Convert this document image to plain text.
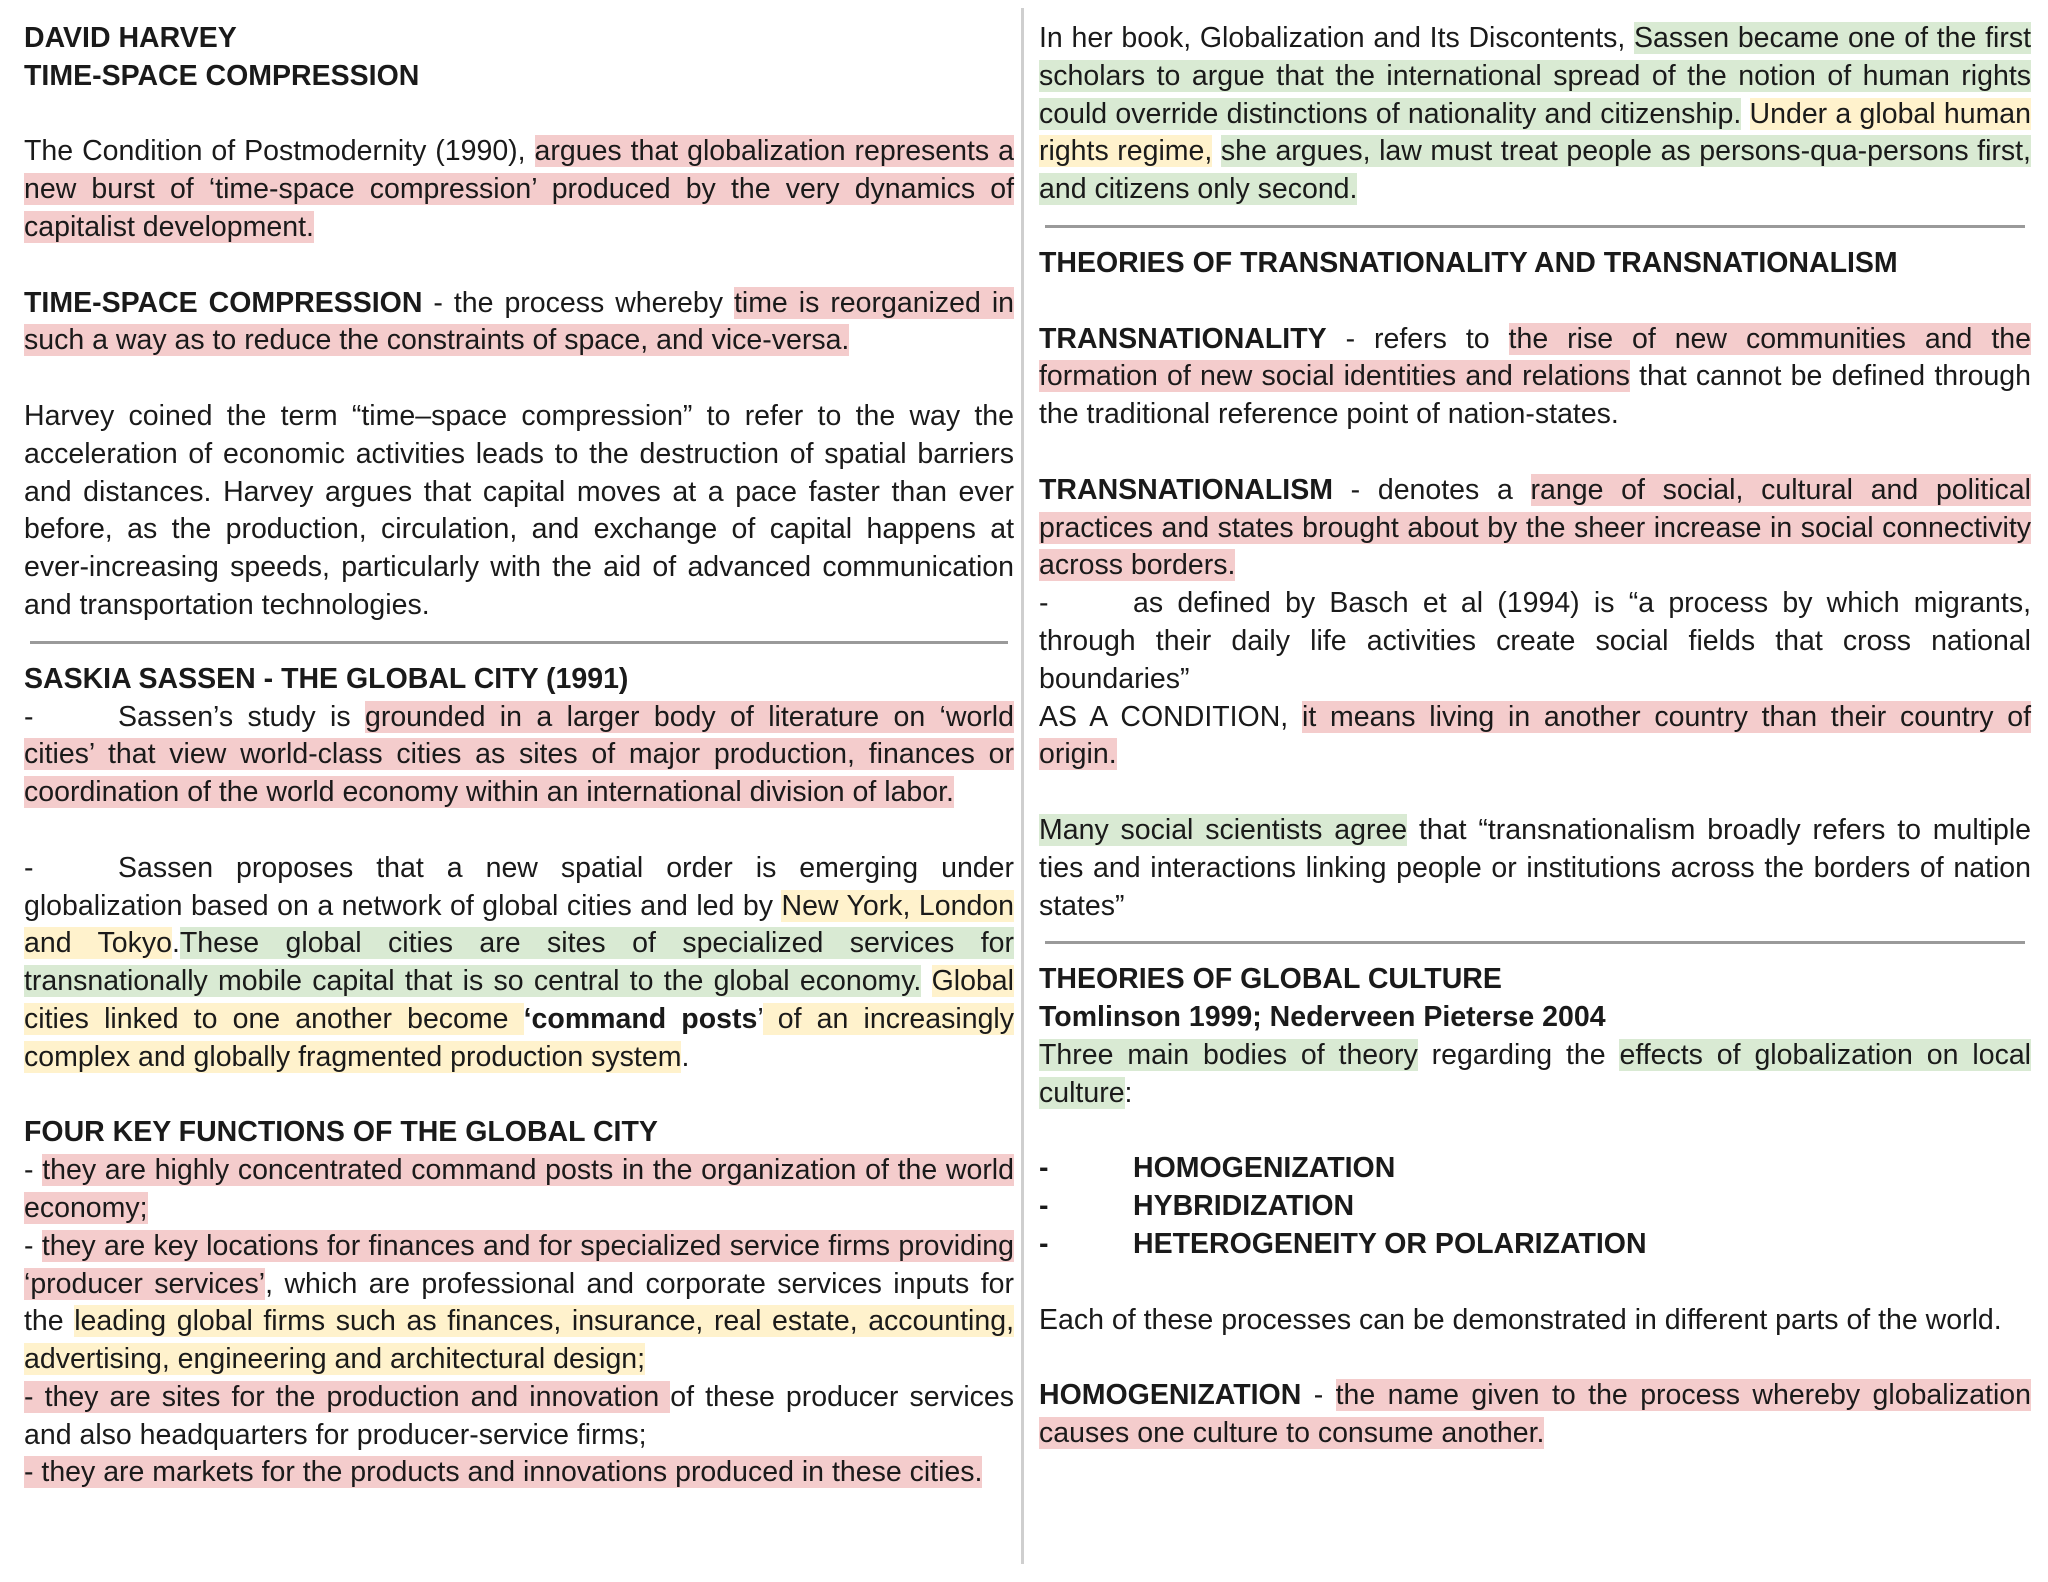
DAVID HARVEY

TIME-SPACE COMPRESSION

The Condition of Postmodernity (1990), argues that globalization represents a new burst of ‘time-space compression’ produced by the very dynamics of capitalist development.

TIME-SPACE COMPRESSION - the process whereby time is reorganized in such a way as to reduce the constraints of space, and vice-versa.

Harvey coined the term “time–space compression” to refer to the way the acceleration of economic activities leads to the destruction of spatial barriers and distances. Harvey argues that capital moves at a pace faster than ever before, as the production, circulation, and exchange of capital happens at ever-increasing speeds, particularly with the aid of advanced communication and transportation technologies.

SASKIA SASSEN - THE GLOBAL CITY (1991)

-	Sassen’s study is grounded in a larger body of literature on ‘world cities’ that view world-class cities as sites of major production, finances or coordination of the world economy within an international division of labor.

-	Sassen proposes that a new spatial order is emerging under globalization based on a network of global cities and led by New York, London and Tokyo.These global cities are sites of specialized services for transnationally mobile capital that is so central to the global economy. Global cities linked to one another become ‘command posts’ of an increasingly complex and globally fragmented production system.

FOUR KEY FUNCTIONS OF THE GLOBAL CITY

- they are highly concentrated command posts in the organization of the world economy;

- they are key locations for finances and for specialized service firms providing ‘producer services’, which are professional and corporate services inputs for the leading global firms such as finances, insurance, real estate, accounting, advertising, engineering and architectural design;

- they are sites for the production and innovation of these producer services and also headquarters for producer-service firms;

- they are markets for the products and innovations produced in these cities.

In her book, Globalization and Its Discontents, Sassen became one of the first scholars to argue that the international spread of the notion of human rights could override distinctions of nationality and citizenship. Under a global human rights regime, she argues, law must treat people as persons-qua-persons first, and citizens only second.

THEORIES OF TRANSNATIONALITY AND TRANSNATIONALISM

TRANSNATIONALITY - refers to the rise of new communities and the formation of new social identities and relations that cannot be defined through the traditional reference point of nation-states.

TRANSNATIONALISM - denotes a range of social, cultural and political practices and states brought about by the sheer increase in social connectivity across borders.

-	as defined by Basch et al (1994) is “a process by which migrants, through their daily life activities create social fields that cross national boundaries”

AS A CONDITION, it means living in another country than their country of origin.

Many social scientists agree that “transnationalism broadly refers to multiple ties and interactions linking people or institutions across the borders of nation states”

THEORIES OF GLOBAL CULTURE

Tomlinson 1999; Nederveen Pieterse 2004

Three main bodies of theory regarding the effects of globalization on local culture:

-	HOMOGENIZATION
-	HYBRIDIZATION
-	HETEROGENEITY OR POLARIZATION

Each of these processes can be demonstrated in different parts of the world.

HOMOGENIZATION - the name given to the process whereby globalization causes one culture to consume another.
